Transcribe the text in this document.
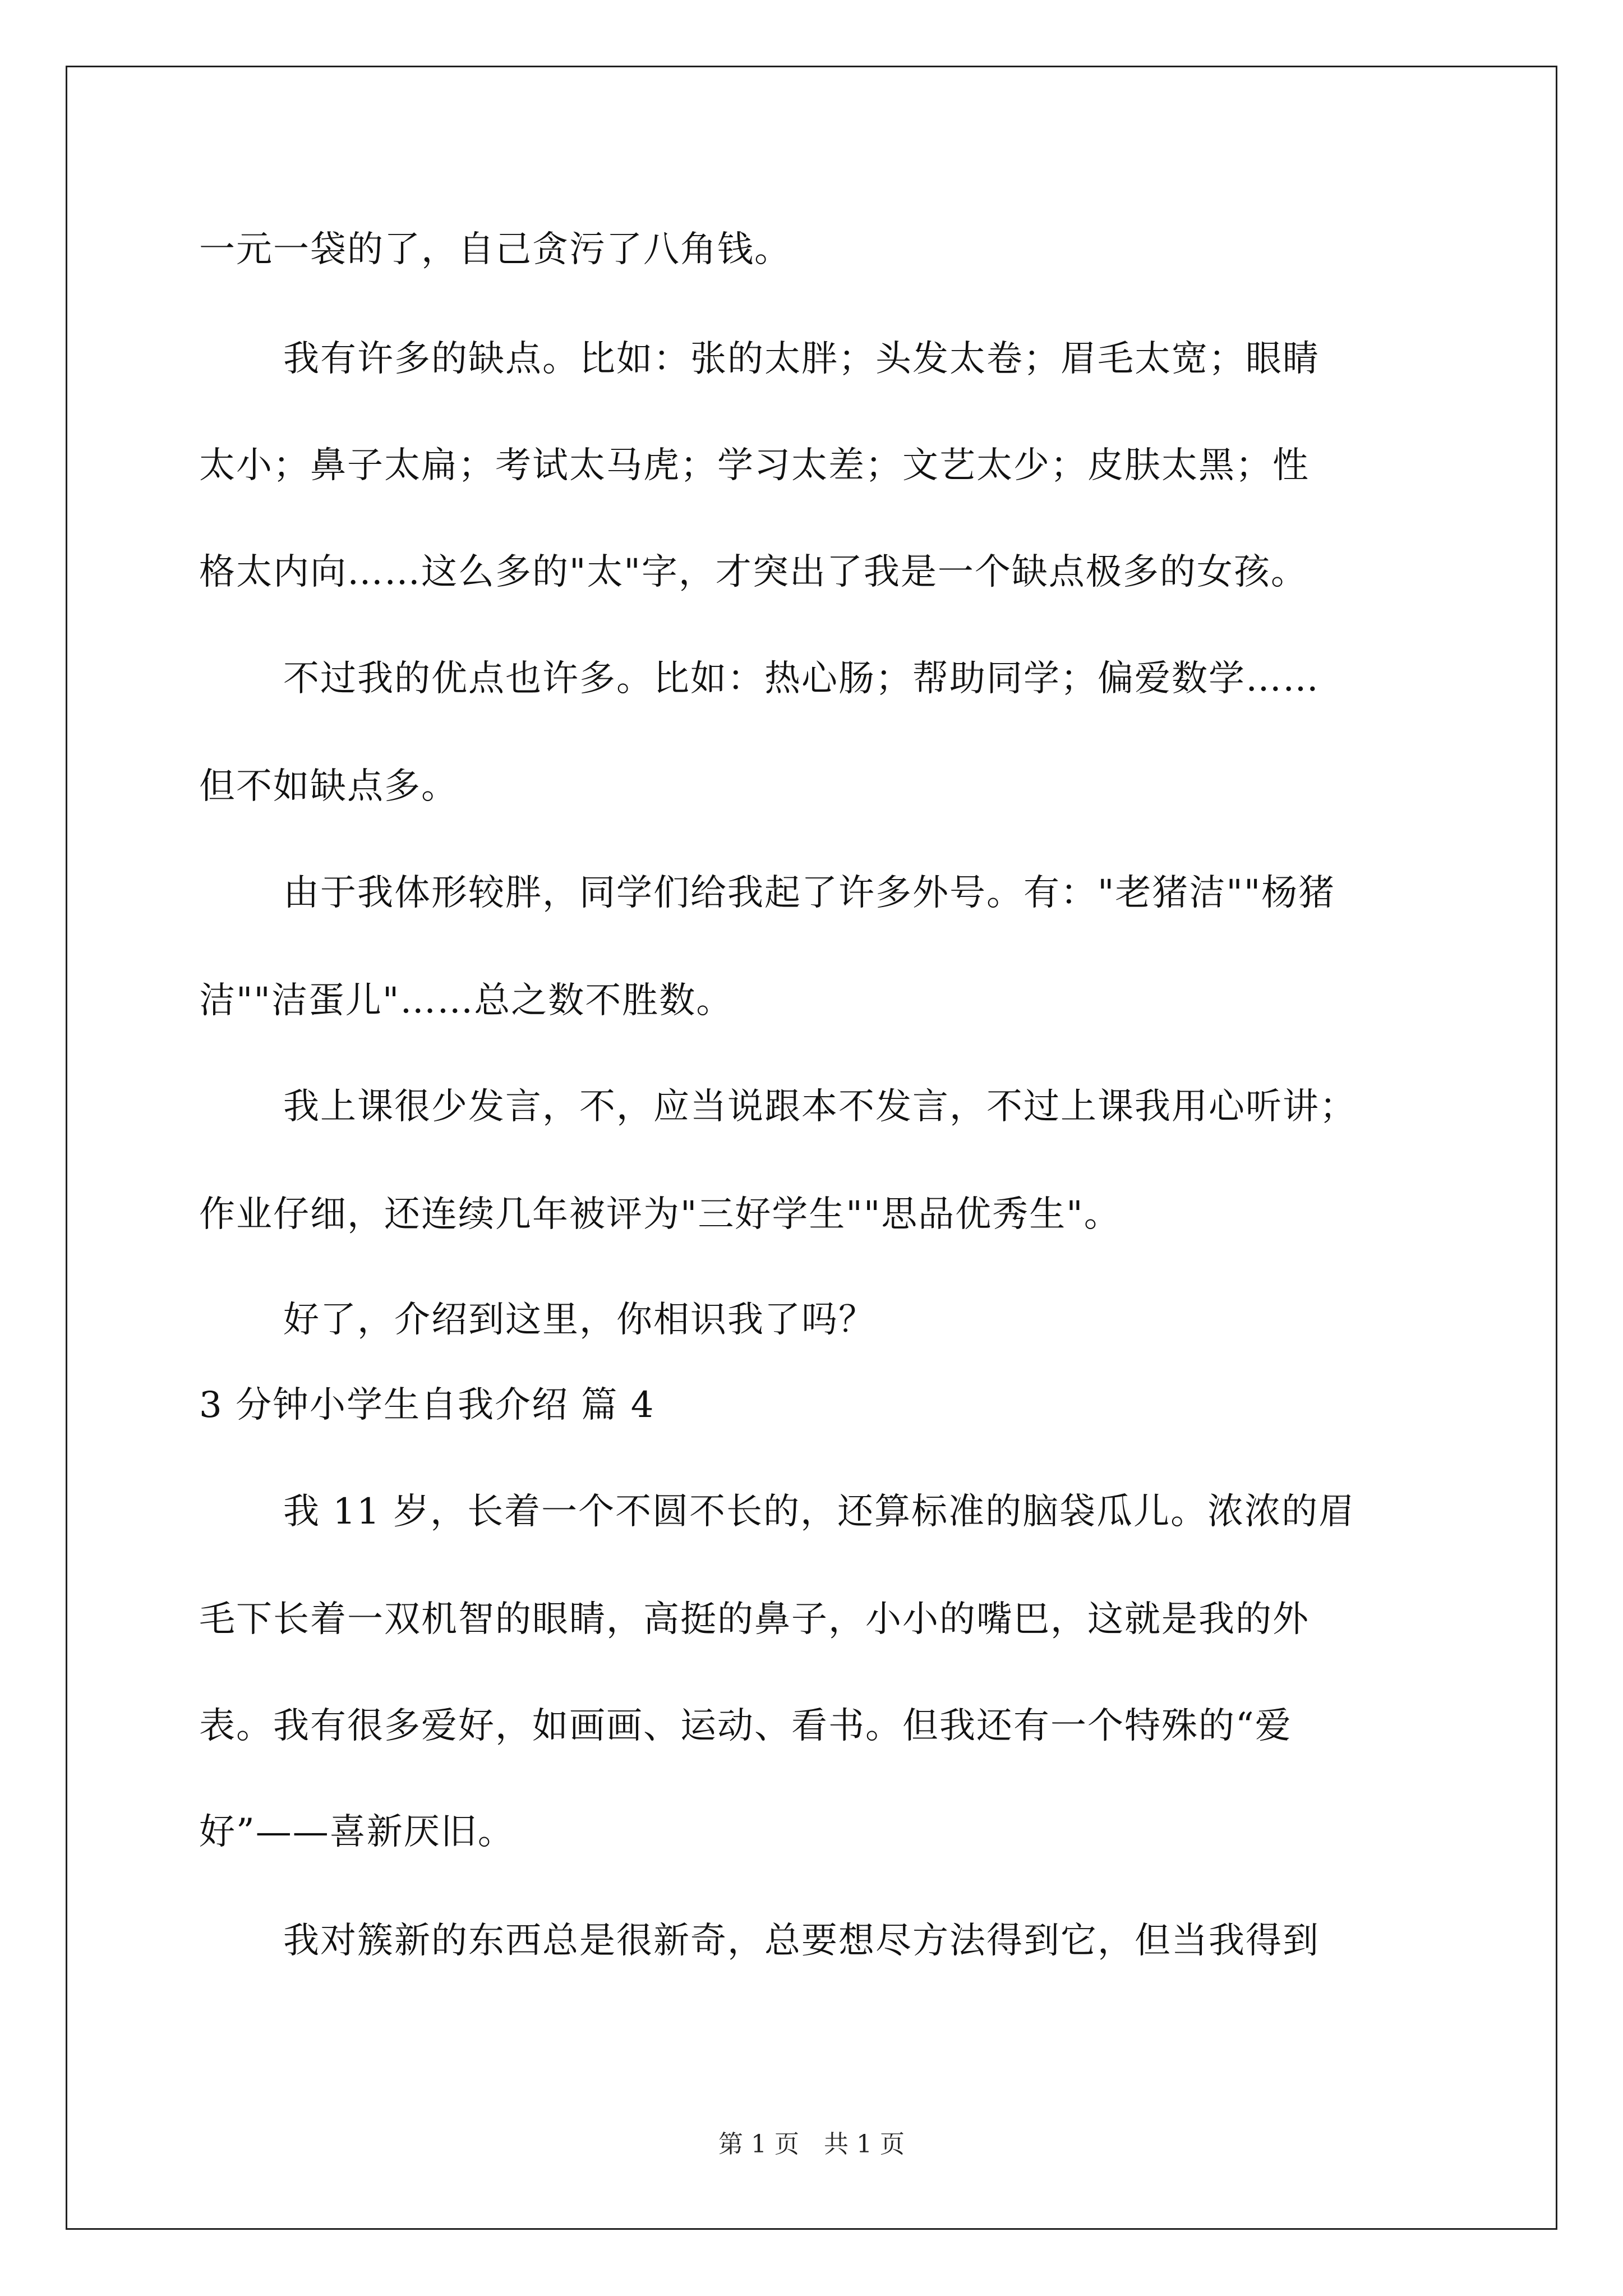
一元一袋的了，自己贪污了八角钱。
我有许多的缺点。比如：张的太胖；头发太卷；眉毛太宽；眼睛
太小；鼻子太扁；考试太马虎；学习太差；文艺太少；皮肤太黑；性
格太内向……这么多的"太"字，才突出了我是一个缺点极多的女孩。
不过我的优点也许多。比如：热心肠；帮助同学；偏爱数学……
但不如缺点多。
由于我体形较胖，同学们给我起了许多外号。有："老猪洁""杨猪
洁""洁蛋儿"……总之数不胜数。
我上课很少发言，不，应当说跟本不发言，不过上课我用心听讲；
作业仔细，还连续几年被评为"三好学生""思品优秀生"。
好了，介绍到这里，你相识我了吗？
3 分钟小学生自我介绍 篇 4
我 11 岁，长着一个不圆不长的，还算标准的脑袋瓜儿。浓浓的眉
毛下长着一双机智的眼睛，高挺的鼻子，小小的嘴巴，这就是我的外
表。我有很多爱好，如画画、运动、看书。但我还有一个特殊的“爱
好”——喜新厌旧。
我对簇新的东西总是很新奇，总要想尽方法得到它，但当我得到
第 1 页　共 1 页
